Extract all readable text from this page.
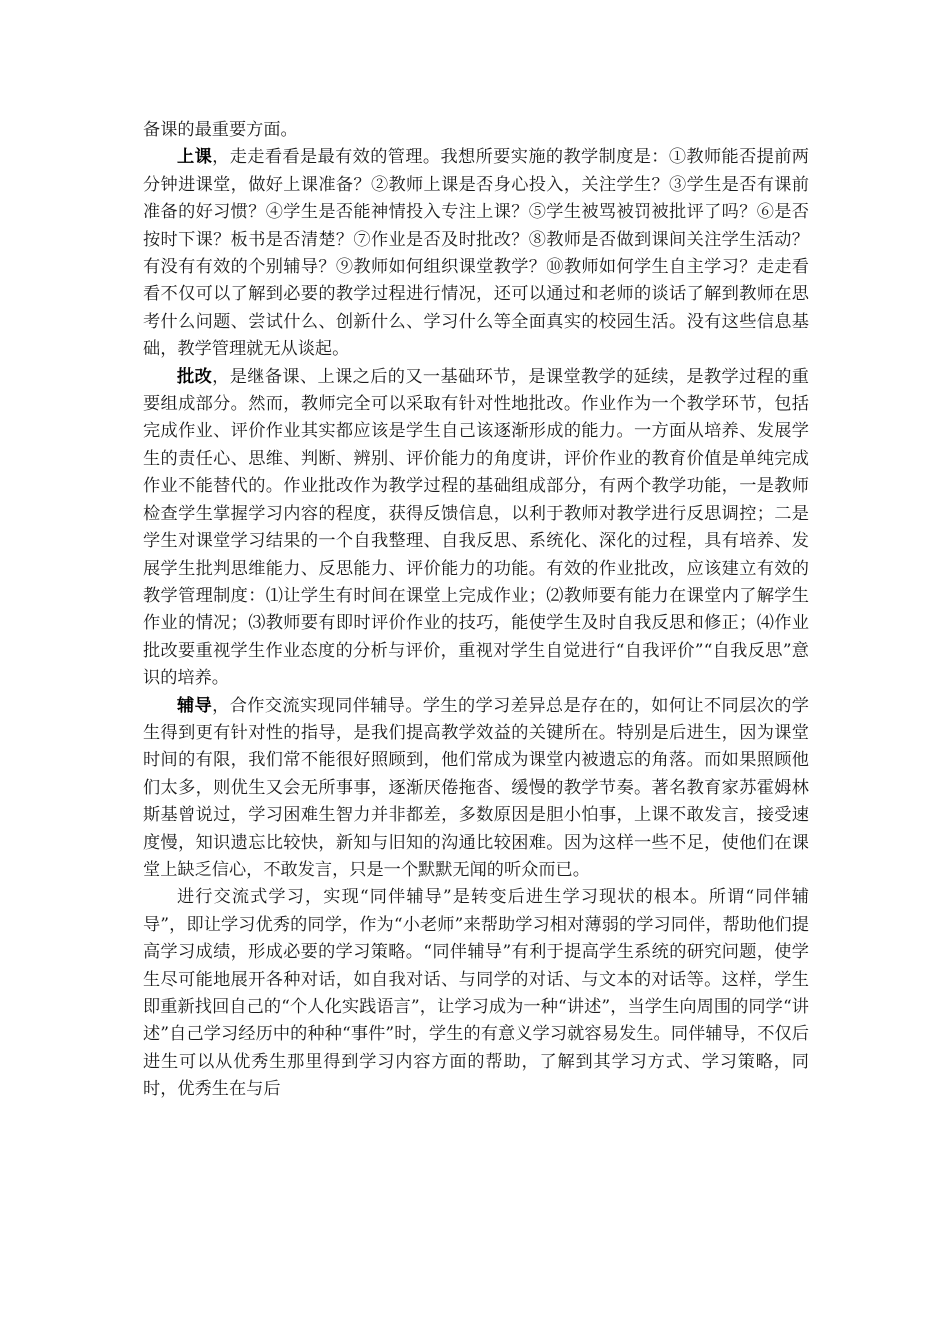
备课的最重要方面。

上课，走走看看是最有效的管理。我想所要实施的教学制度是：①教师能否提前两分钟进课堂，做好上课准备？②教师上课是否身心投入，关注学生？③学生是否有课前准备的好习惯？④学生是否能神情投入专注上课？⑤学生被骂被罚被批评了吗？⑥是否按时下课？板书是否清楚？⑦作业是否及时批改？⑧教师是否做到课间关注学生活动？有没有有效的个别辅导？⑨教师如何组织课堂教学？⑩教师如何学生自主学习？走走看看不仅可以了解到必要的教学过程进行情况，还可以通过和老师的谈话了解到教师在思考什么问题、尝试什么、创新什么、学习什么等全面真实的校园生活。没有这些信息基础，教学管理就无从谈起。

批改，是继备课、上课之后的又一基础环节，是课堂教学的延续，是教学过程的重要组成部分。然而，教师完全可以采取有针对性地批改。作业作为一个教学环节，包括完成作业、评价作业其实都应该是学生自己该逐渐形成的能力。一方面从培养、发展学生的责任心、思维、判断、辨别、评价能力的角度讲，评价作业的教育价值是单纯完成作业不能替代的。作业批改作为教学过程的基础组成部分，有两个教学功能，一是教师检查学生掌握学习内容的程度，获得反馈信息，以利于教师对教学进行反思调控；二是学生对课堂学习结果的一个自我整理、自我反思、系统化、深化的过程，具有培养、发展学生批判思维能力、反思能力、评价能力的功能。有效的作业批改，应该建立有效的教学管理制度：⑴让学生有时间在课堂上完成作业；⑵教师要有能力在课堂内了解学生作业的情况；⑶教师要有即时评价作业的技巧，能使学生及时自我反思和修正；⑷作业批改要重视学生作业态度的分析与评价，重视对学生自觉进行“自我评价”“自我反思”意识的培养。

辅导，合作交流实现同伴辅导。学生的学习差异总是存在的，如何让不同层次的学生得到更有针对性的指导，是我们提高教学效益的关键所在。特别是后进生，因为课堂时间的有限，我们常不能很好照顾到，他们常成为课堂内被遗忘的角落。而如果照顾他们太多，则优生又会无所事事，逐渐厌倦拖沓、缓慢的教学节奏。著名教育家苏霍姆林斯基曾说过，学习困难生智力并非都差，多数原因是胆小怕事，上课不敢发言，接受速度慢，知识遗忘比较快，新知与旧知的沟通比较困难。因为这样一些不足，使他们在课堂上缺乏信心，不敢发言，只是一个默默无闻的听众而已。

进行交流式学习，实现“同伴辅导”是转变后进生学习现状的根本。所谓“同伴辅导”，即让学习优秀的同学，作为“小老师”来帮助学习相对薄弱的学习同伴，帮助他们提高学习成绩，形成必要的学习策略。“同伴辅导”有利于提高学生系统的研究问题，使学生尽可能地展开各种对话，如自我对话、与同学的对话、与文本的对话等。这样，学生即重新找回自己的“个人化实践语言”，让学习成为一种“讲述”，当学生向周围的同学“讲述”自己学习经历中的种种“事件”时，学生的有意义学习就容易发生。同伴辅导，不仅后进生可以从优秀生那里得到学习内容方面的帮助，了解到其学习方式、学习策略，同时，优秀生在与后
